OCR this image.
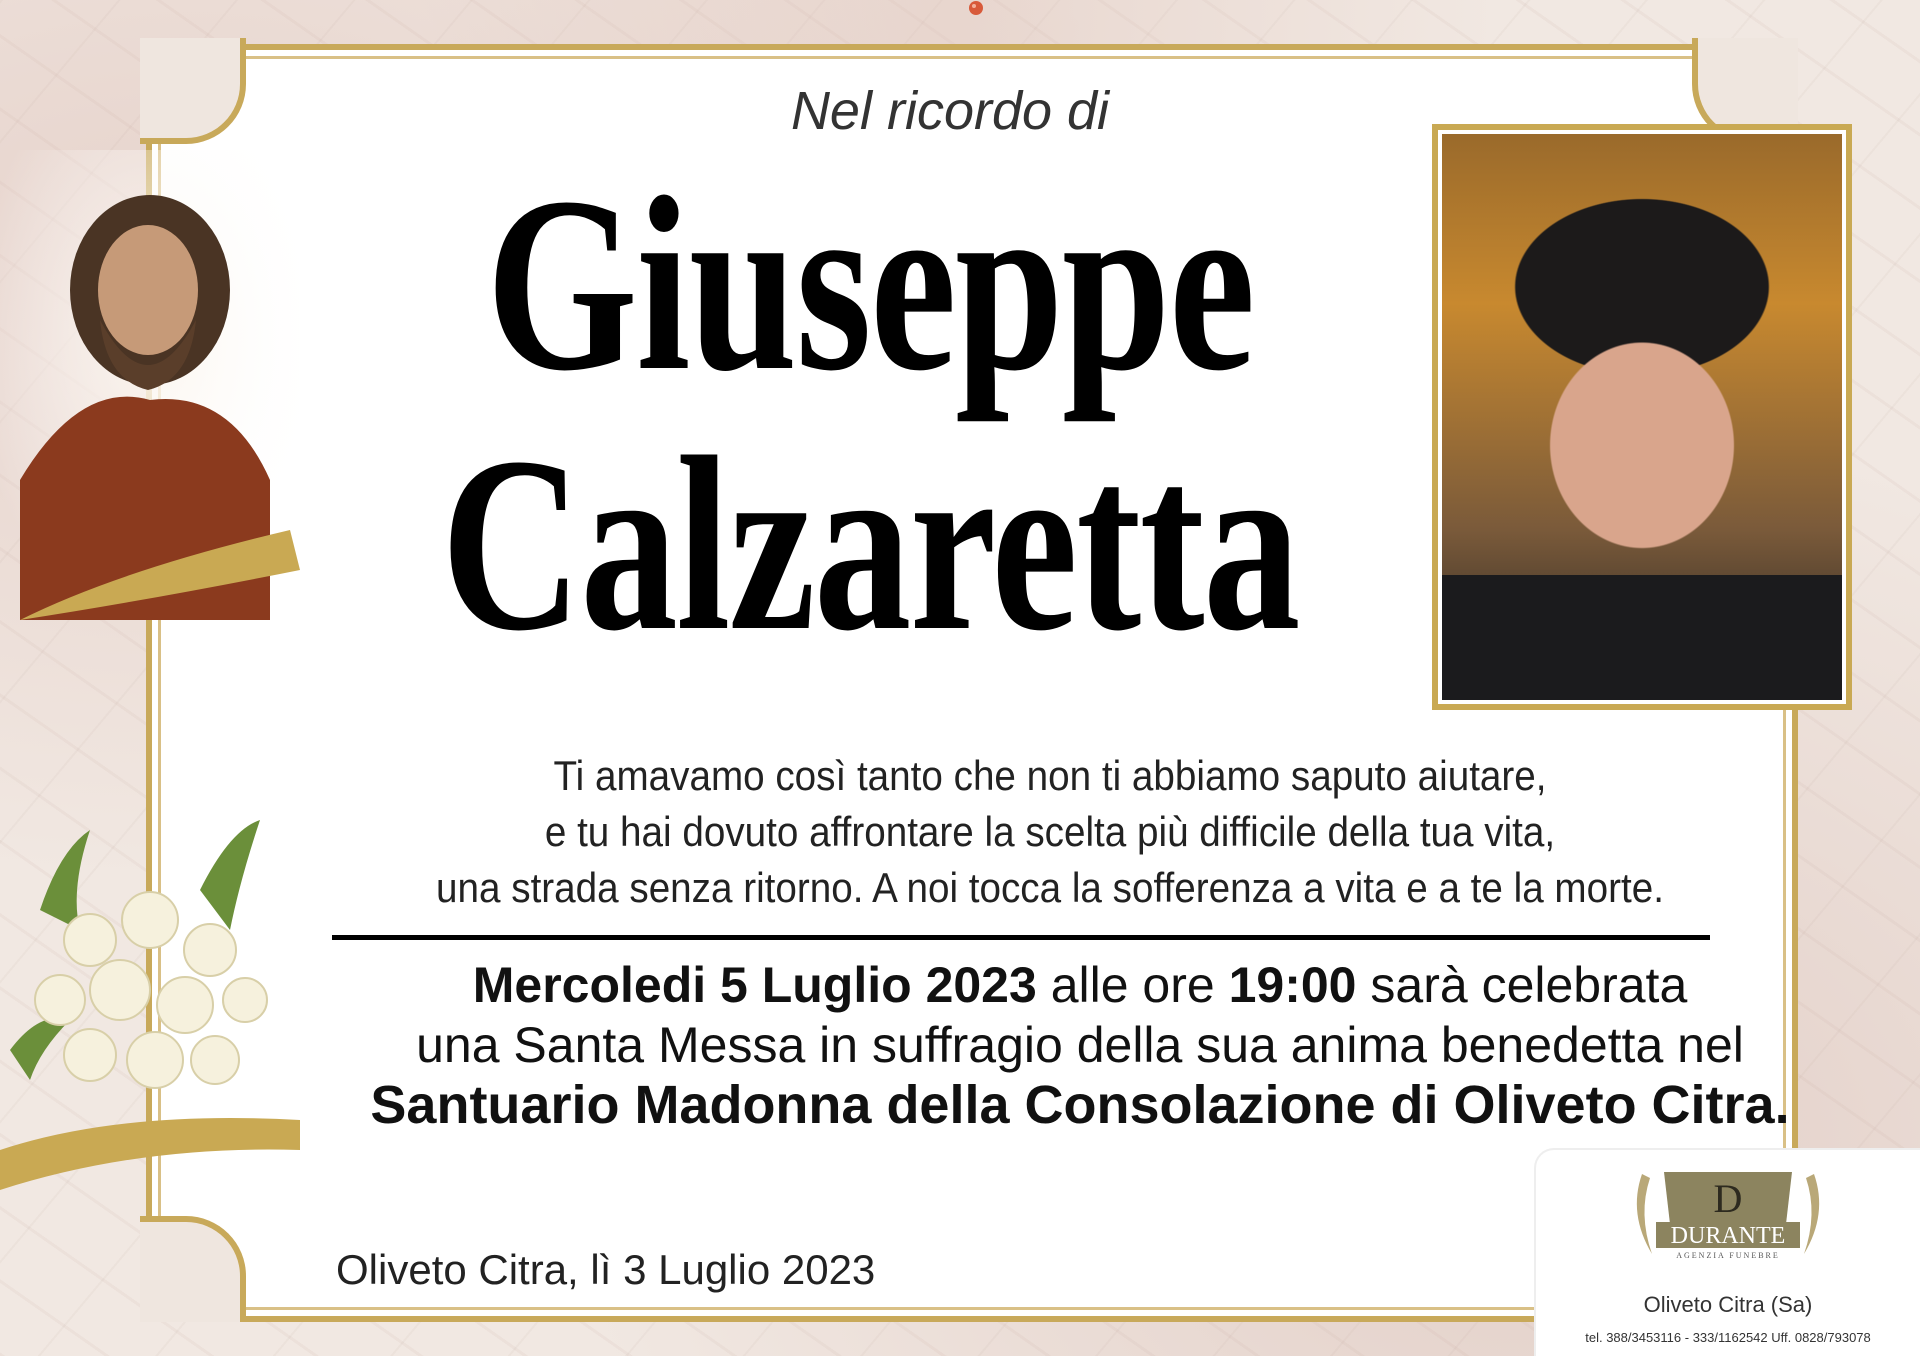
Nel ricordo di
Giuseppe
Calzaretta
Ti amavamo così tanto che non ti abbiamo saputo aiutare,
e tu hai dovuto affrontare la scelta più difficile della tua vita,
una strada senza ritorno. A noi tocca la sofferenza a vita e a te la morte.
Mercoledi 5 Luglio 2023 alle ore 19:00 sarà celebrata
una Santa Messa in suffragio della sua anima benedetta nel
Santuario Madonna della Consolazione di Oliveto Citra.
Oliveto Citra, lì 3 Luglio 2023
D
DURANTE
AGENZIA FUNEBRE
Oliveto Citra (Sa)
tel. 388/3453116 - 333/1162542 Uff. 0828/793078
